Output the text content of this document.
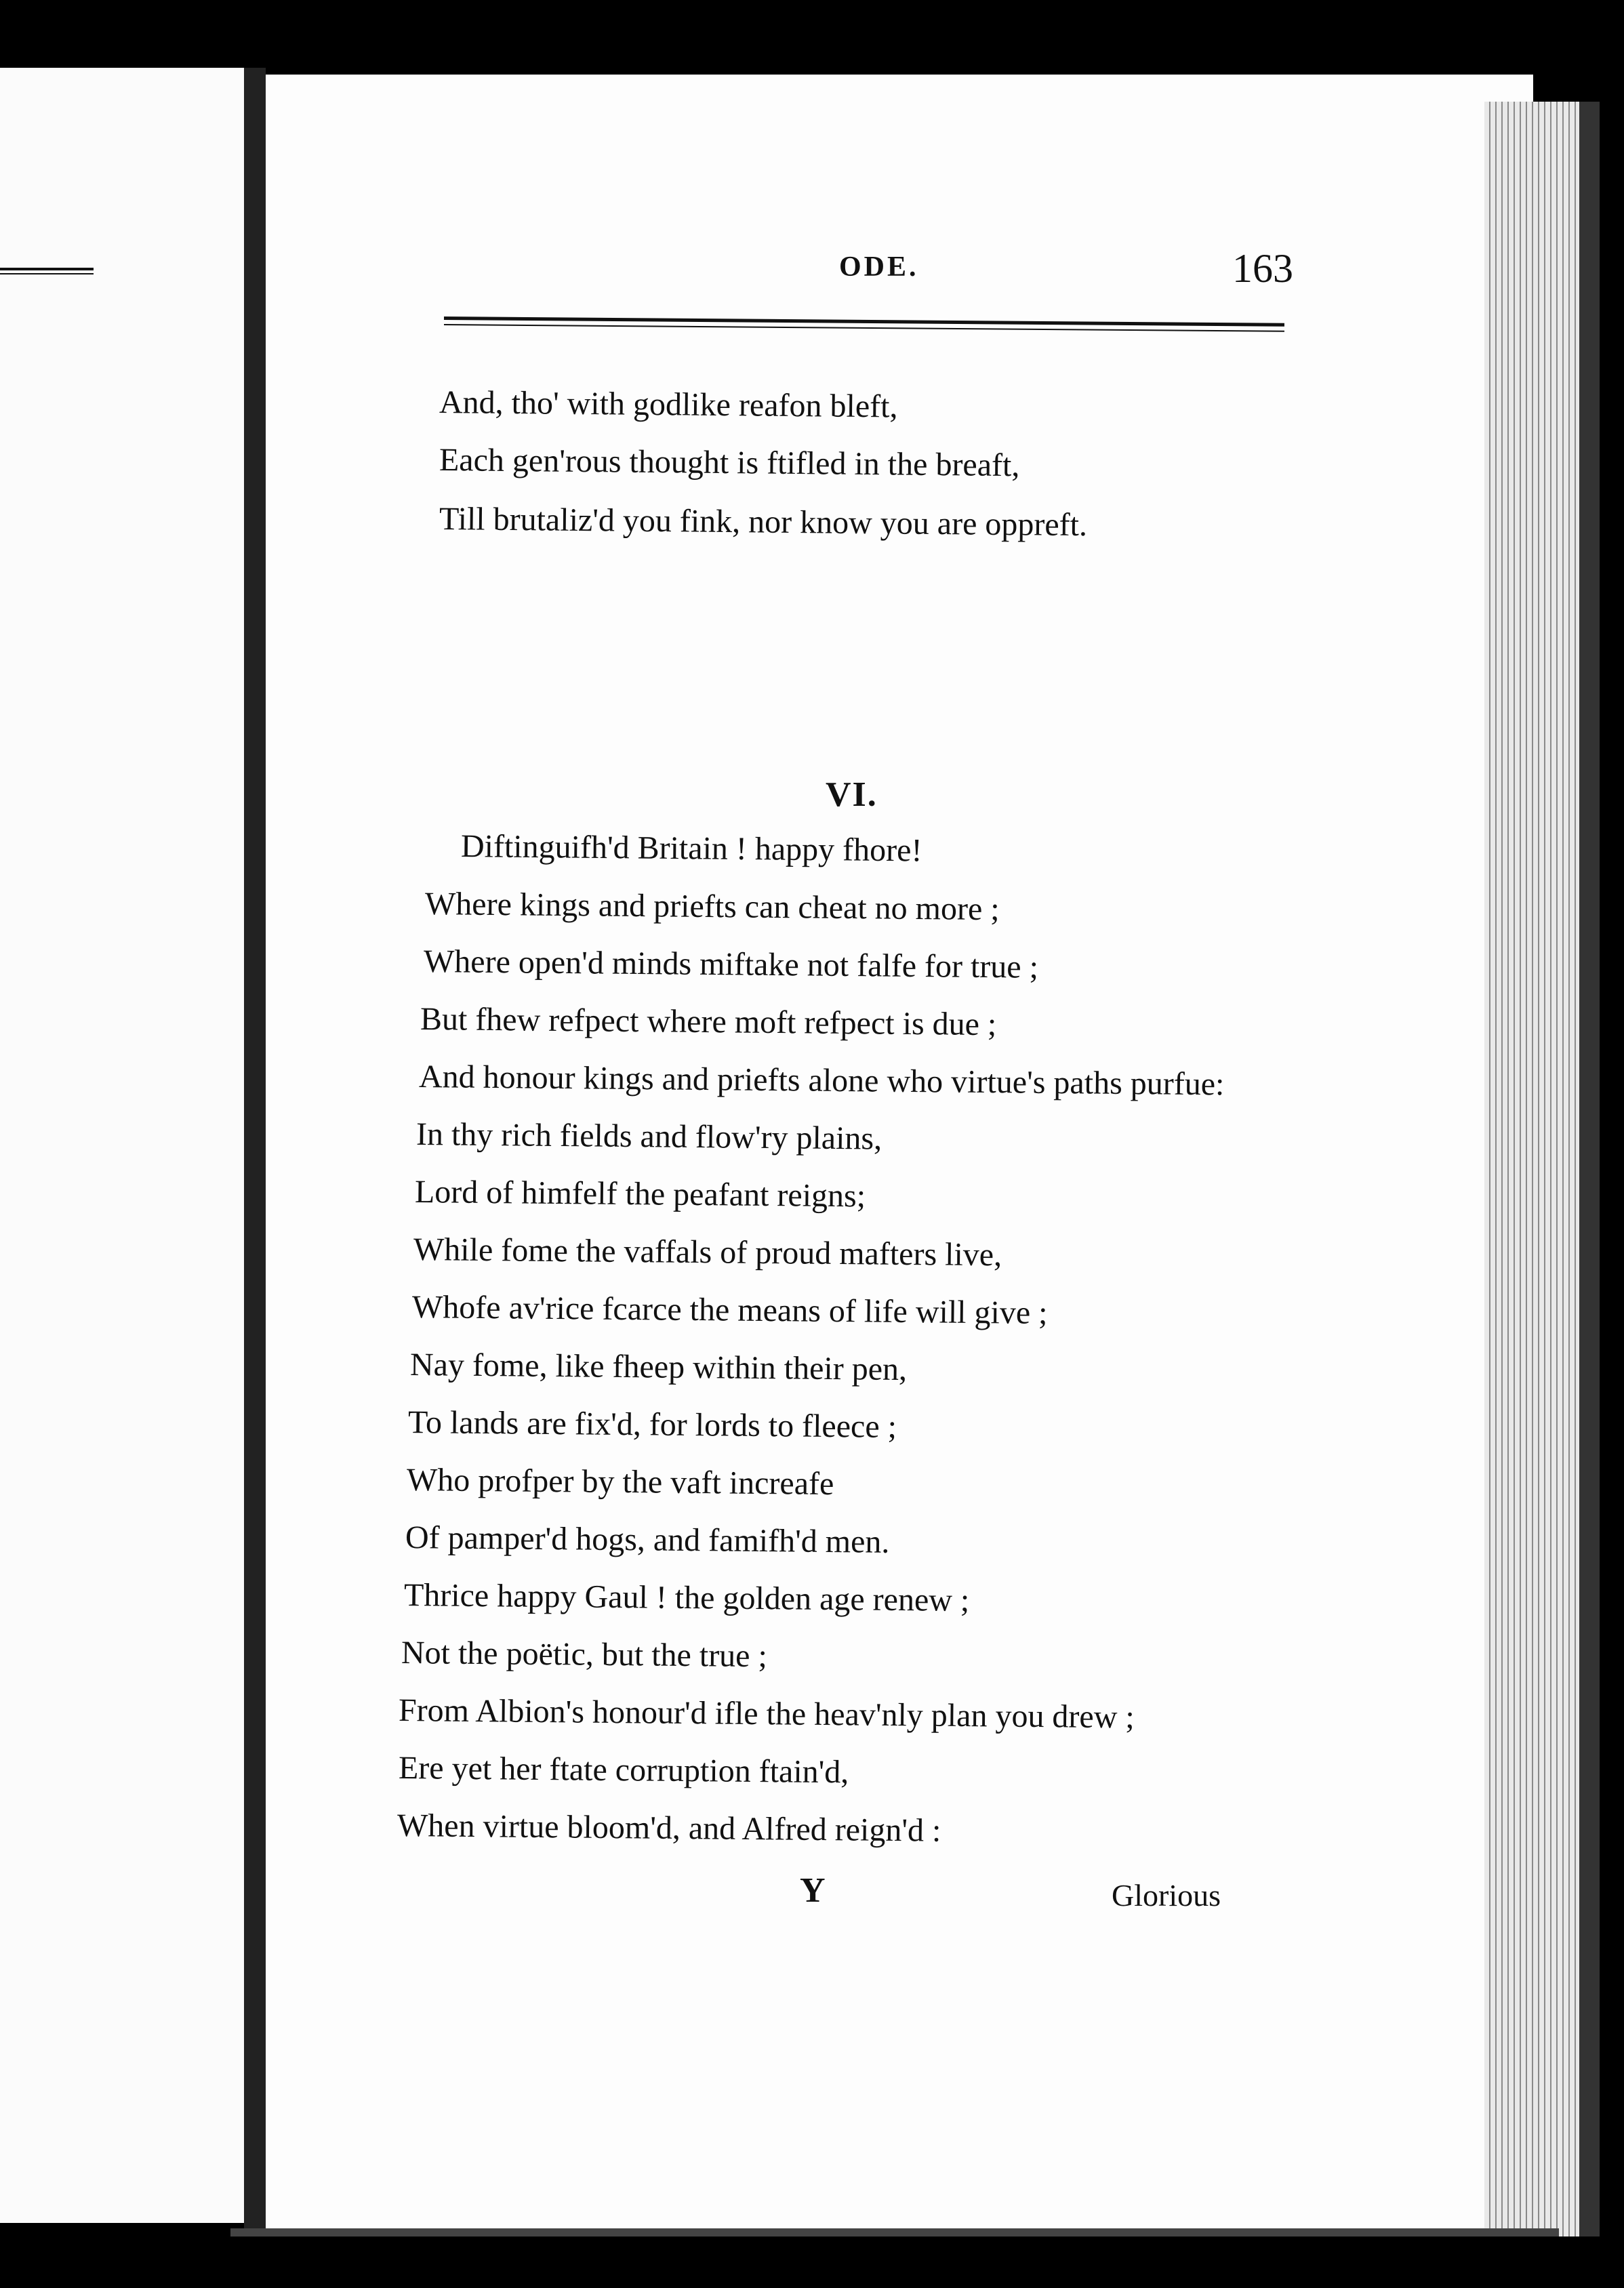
ODE.	163
And, tho' with godlike reafon bleft,
Each gen'rous thought is ftifled in the breaft,
Till brutaliz'd you fink, nor know you are oppreft.
VI.
Diftinguifh'd Britain ! happy fhore!
Where kings and priefts can cheat no more ;
Where open'd minds miftake not falfe for true ;
But fhew refpect where moft refpect is due ;
And honour kings and priefts alone who virtue's paths purfue:
In thy rich fields and flow'ry plains,
Lord of himfelf the peafant reigns;
While fome the vaffals of proud mafters live,
Whofe av'rice fcarce the means of life will give ;
Nay fome, like fheep within their pen,
To lands are fix'd, for lords to fleece ;
Who profper by the vaft increafe
Of pamper'd hogs, and famifh'd men.
Thrice happy Gaul ! the golden age renew ;
Not the poëtic, but the true ;
From Albion's honour'd ifle the heav'nly plan you drew ;
Ere yet her ftate corruption ftain'd,
When virtue bloom'd, and Alfred reign'd :
Y	Glorious
